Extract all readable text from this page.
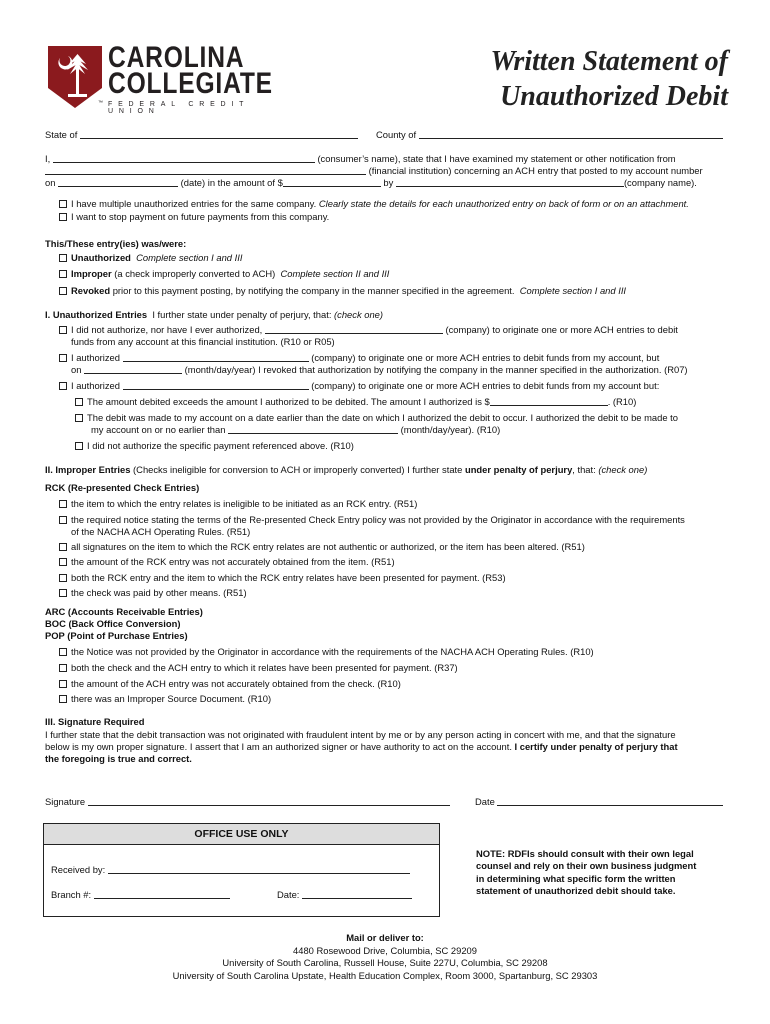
CAROLINA
COLLEGIATE
™ FEDERAL CREDIT UNION
Written Statement of
Unauthorized Debit
State of	County of
I,	(consumer’s name), state that I have examined my statement or other notification from
(financial institution) concerning an ACH entry that posted to my account number
on	(date) in the amount of $	by	(company name).
I have multiple unauthorized entries for the same company. Clearly state the details for each unauthorized entry on back of form or on an attachment.
I want to stop payment on future payments from this company.
This/These entry(ies) was/were:
Unauthorized Complete section I and III
Improper (a check improperly converted to ACH) Complete section II and III
Revoked prior to this payment posting, by notifying the company in the manner specified in the agreement. Complete section I and III
I. Unauthorized Entries I further state under penalty of perjury, that: (check one)
I did not authorize, nor have I ever authorized,	(company) to originate one or more ACH entries to debit
funds from any account at this financial institution. (R10 or R05)
I authorized	(company) to originate one or more ACH entries to debit funds from my account, but
on	(month/day/year) I revoked that authorization by notifying the company in the manner specified in the authorization. (R07)
I authorized	(company) to originate one or more ACH entries to debit funds from my account but:
The amount debited exceeds the amount I authorized to be debited. The amount I authorized is $	. (R10)
The debit was made to my account on a date earlier than the date on which I authorized the debit to occur. I authorized the debit to be made to
my account on or no earlier than	(month/day/year). (R10)
I did not authorize the specific payment referenced above. (R10)
II. Improper Entries (Checks ineligible for conversion to ACH or improperly converted) I further state under penalty of perjury, that: (check one)
RCK (Re-presented Check Entries)
the item to which the entry relates is ineligible to be initiated as an RCK entry. (R51)
the required notice stating the terms of the Re-presented Check Entry policy was not provided by the Originator in accordance with the requirements
of the NACHA ACH Operating Rules. (R51)
all signatures on the item to which the RCK entry relates are not authentic or authorized, or the item has been altered. (R51)
the amount of the RCK entry was not accurately obtained from the item. (R51)
both the RCK entry and the item to which the RCK entry relates have been presented for payment. (R53)
the check was paid by other means. (R51)
ARC (Accounts Receivable Entries)
BOC (Back Office Conversion)
POP (Point of Purchase Entries)
the Notice was not provided by the Originator in accordance with the requirements of the NACHA ACH Operating Rules. (R10)
both the check and the ACH entry to which it relates have been presented for payment. (R37)
the amount of the ACH entry was not accurately obtained from the check. (R10)
there was an Improper Source Document. (R10)
III. Signature Required
I further state that the debit transaction was not originated with fraudulent intent by me or by any person acting in concert with me, and that the signature
below is my own proper signature. I assert that I am an authorized signer or have authority to act on the account. I certify under penalty of perjury that
the foregoing is true and correct.
Signature	Date
OFFICE USE ONLY
Received by:
Branch #:	Date:
NOTE: RDFIs should consult with their own legal
counsel and rely on their own business judgment
in determining what specific form the written
statement of unauthorized debit should take.
Mail or deliver to:
4480 Rosewood Drive, Columbia, SC 29209
University of South Carolina, Russell House, Suite 227U, Columbia, SC 29208
University of South Carolina Upstate, Health Education Complex, Room 3000, Spartanburg, SC 29303
